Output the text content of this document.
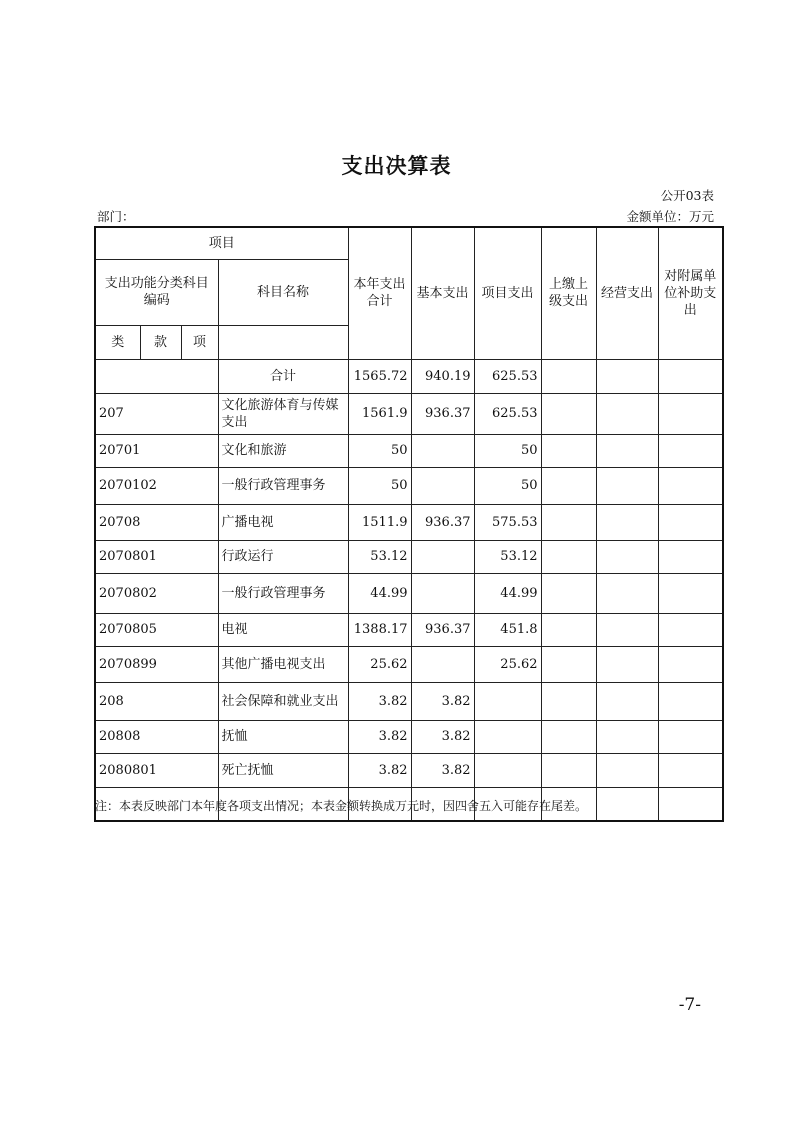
支出决算表
公开03表
部门：	金额单位：万元
项目				本年支出合计	基本支出	项目支出	上缴上级支出	经营支出	对附属单位补助支出
支出功能分类科目编码			科目名称						
类	款	项							
			合计	1565.72	940.19	625.53			
207			文化旅游体育与传媒支出	1561.9	936.37	625.53			
20701			文化和旅游	50		50			
2070102			一般行政管理事务	50		50			
20708			广播电视	1511.9	936.37	575.53			
2070801			行政运行	53.12		53.12			
2070802			一般行政管理事务	44.99		44.99			
2070805			电视	1388.17	936.37	451.8			
2070899			其他广播电视支出	25.62		25.62			
208			社会保障和就业支出	3.82	3.82				
20808			抚恤	3.82	3.82				
2080801			死亡抚恤	3.82	3.82				

注：本表反映部门本年度各项支出情况；本表金额转换成万元时，因四舍五入可能存在尾差。
-7-
